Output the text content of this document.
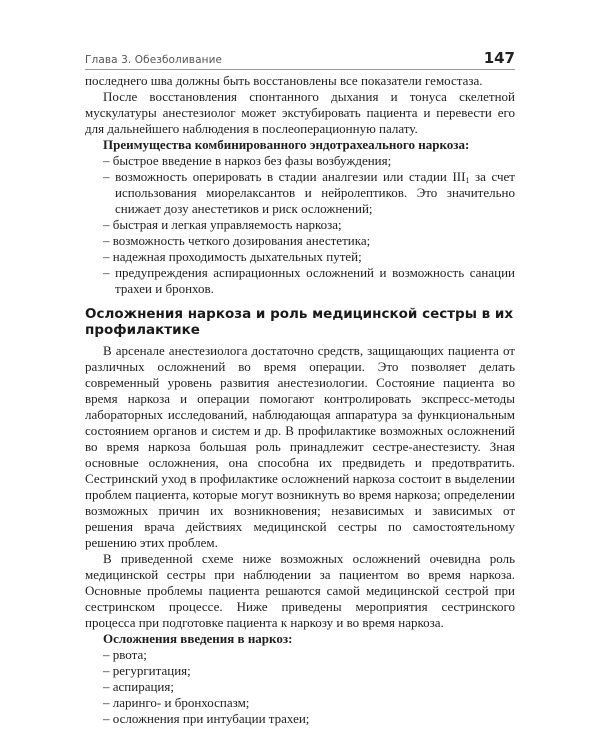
Глава 3. Обезболивание	147

последнего шва должны быть восстановлены все показатели гемостаза.

После восстановления спонтанного дыхания и тонуса скелетной мускулатуры анестезиолог может экстубировать пациента и перевести его для дальнейшего наблюдения в послеоперационную палату.

Преимущества комбинированного эндотрахеального наркоза:

– быстрое введение в наркоз без фазы возбуждения;
– возможность оперировать в стадии аналгезии или стадии $III_1$ за счет использования миорелаксантов и нейролептиков. Это значительно снижает дозу анестетиков и риск осложнений;
– быстрая и легкая управляемость наркоза;
– возможность четкого дозирования анестетика;
– надежная проходимость дыхательных путей;
– предупреждения аспирационных осложнений и возможность санации трахеи и бронхов.
Осложнения наркоза и роль медицинской сестры в их профилактике

В арсенале анестезиолога достаточно средств, защищающих пациента от различных осложнений во время операции. Это позволяет делать современный уровень развития анестезиологии. Состояние пациента во время наркоза и операции помогают контролировать экспресс-методы лабораторных исследований, наблюдающая аппаратура за функциональным состоянием органов и систем и др. В профилактике возможных осложнений во время наркоза большая роль принадлежит сестре-анестезисту. Зная основные осложнения, она способна их предвидеть и предотвратить. Сестринский уход в профилактике осложнений наркоза состоит в выделении проблем пациента, которые могут возникнуть во время наркоза; определении возможных причин их возникновения; независимых и зависимых от решения врача действиях медицинской сестры по самостоятельному решению этих проблем.

В приведенной схеме ниже возможных осложнений очевидна роль медицинской сестры при наблюдении за пациентом во время наркоза. Основные проблемы пациента решаются самой медицинской сестрой при сестринском процессе. Ниже приведены мероприятия сестринского процесса при подготовке пациента к наркозу и во время наркоза.

Осложнения введения в наркоз:

– рвота;
– регургитация;
– аспирация;
– ларинго- и бронхоспазм;
– осложнения при интубации трахеи;
